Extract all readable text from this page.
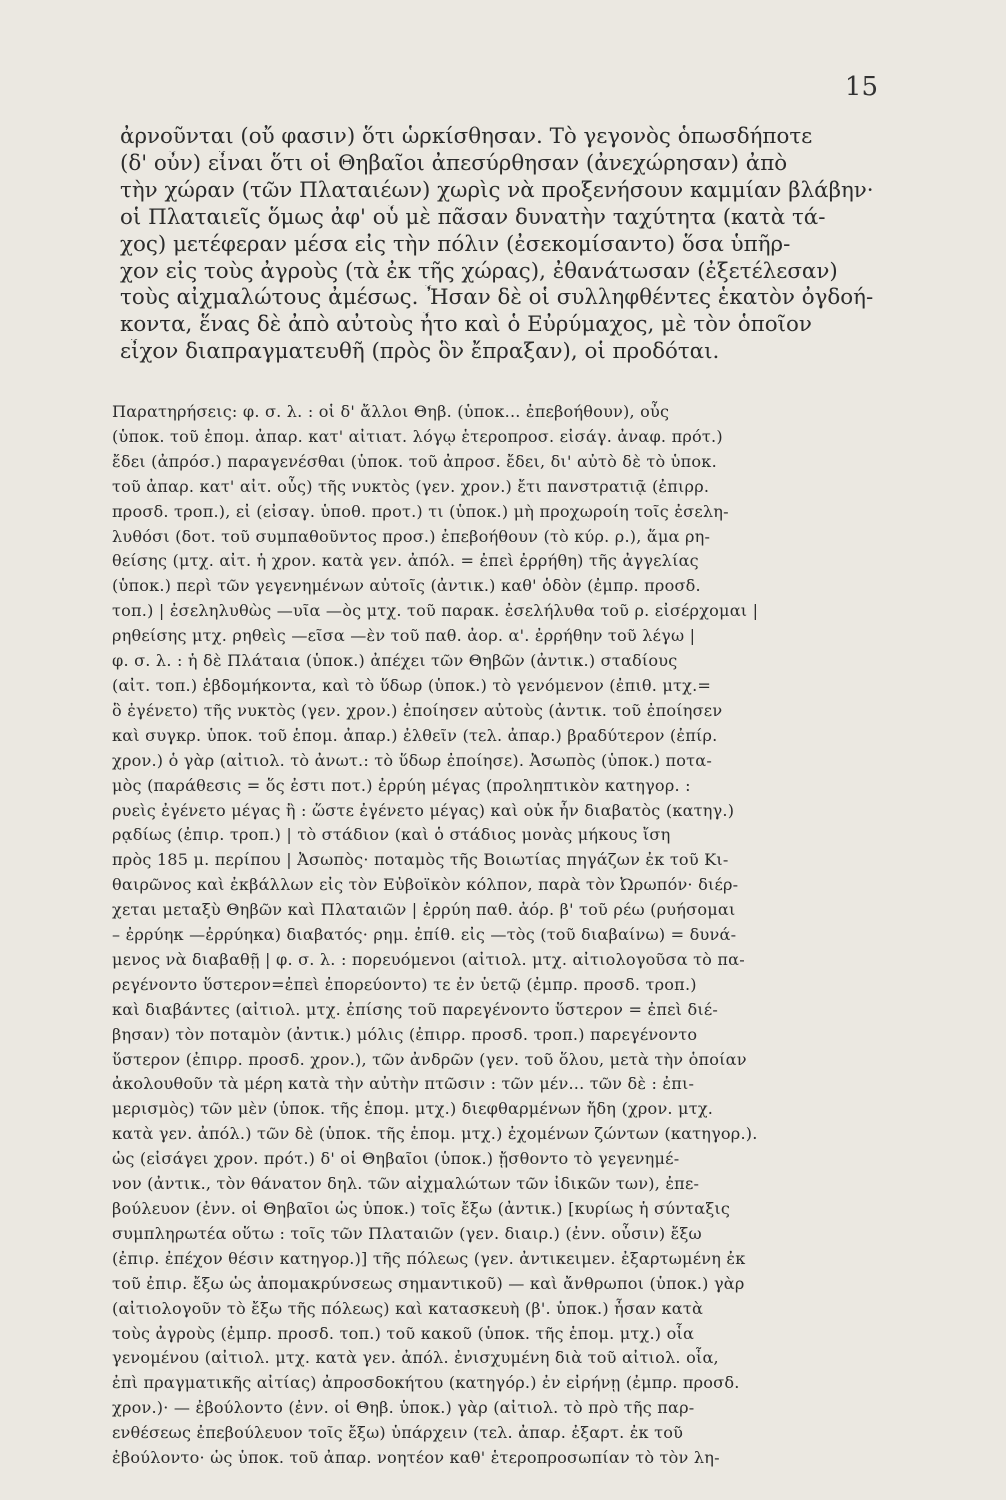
15

ἀρνοῦνται (οὔ φασιν) ὅτι ὡρκίσθησαν. Τὸ γεγονὸς ὁπωσδήποτε
(δ' οὖν) εἶναι ὅτι οἱ Θηβαῖοι ἀπεσύρθησαν (ἀνεχώρησαν) ἀπὸ
τὴν χώραν (τῶν Πλαταιέων) χωρὶς νὰ προξενήσουν καμμίαν βλάβην·
οἱ Πλαταιεῖς ὅμως ἀφ' οὗ μὲ πᾶσαν δυνατὴν ταχύτητα (κατὰ τά-
χος) μετέφεραν μέσα εἰς τὴν πόλιν (ἐσεκομίσαντο) ὅσα ὑπῆρ-
χον εἰς τοὺς ἀγροὺς (τὰ ἐκ τῆς χώρας), ἐθανάτωσαν (ἐξετέλεσαν)
τοὺς αἰχμαλώτους ἀμέσως. Ἦσαν δὲ οἱ συλληφθέντες ἑκατὸν ὀγδοή-
κοντα, ἕνας δὲ ἀπὸ αὐτοὺς ἦτο καὶ ὁ Εὐρύμαχος, μὲ τὸν ὁποῖον
εἶχον διαπραγματευθῆ (πρὸς ὃν ἔπραξαν), οἱ προδόται.

Παρατηρήσεις: φ. σ. λ. : οἱ δ' ἄλλοι Θηβ. (ὑποκ... ἐπεβοήθουν), οὖς
(ὑποκ. τοῦ ἑπομ. ἀπαρ. κατ' αἰτιατ. λόγῳ ἑτεροπροσ. εἰσάγ. ἀναφ. πρότ.)
ἔδει (ἀπρόσ.) παραγενέσθαι (ὑποκ. τοῦ ἀπροσ. ἔδει, δι' αὐτὸ δὲ τὸ ὑποκ.
τοῦ ἀπαρ. κατ' αἰτ. οὖς) τῆς νυκτὸς (γεν. χρον.) ἔτι πανστρατιᾷ (ἐπιρρ.
προσδ. τροπ.), εἰ (εἰσαγ. ὑποθ. προτ.) τι (ὑποκ.) μὴ προχωροίη τοῖς ἐσελη-
λυθόσι (δοτ. τοῦ συμπαθοῦντος προσ.) ἐπεβοήθουν (τὸ κύρ. ρ.), ἅμα ρη-
θείσης (μτχ. αἰτ. ἡ χρον. κατὰ γεν. ἀπόλ. = ἐπεὶ ἐρρήθη) τῆς ἀγγελίας
(ὑποκ.) περὶ τῶν γεγενημένων αὐτοῖς (ἀντικ.) καθ' ὁδὸν (ἐμπρ. προσδ.
τοπ.) | ἐσεληλυθὼς —υῖα —ὸς μτχ. τοῦ παρακ. ἐσελήλυθα τοῦ ρ. εἰσέρχομαι |
ρηθείσης μτχ. ρηθεὶς —εῖσα —ὲν τοῦ παθ. ἀορ. α'. ἐρρήθην τοῦ λέγω |
φ. σ. λ. : ἡ δὲ Πλάταια (ὑποκ.) ἀπέχει τῶν Θηβῶν (ἀντικ.) σταδίους
(αἰτ. τοπ.) ἑβδομήκοντα, καὶ τὸ ὕδωρ (ὑποκ.) τὸ γενόμενον (ἐπιθ. μτχ.=
ὃ ἐγένετο) τῆς νυκτὸς (γεν. χρον.) ἐποίησεν αὐτοὺς (ἀντικ. τοῦ ἐποίησεν
καὶ συγκρ. ὑποκ. τοῦ ἑπομ. ἀπαρ.) ἐλθεῖν (τελ. ἀπαρ.) βραδύτερον (ἐπίρ.
χρον.) ὁ γὰρ (αἰτιολ. τὸ ἀνωτ.: τὸ ὕδωρ ἐποίησε). Ἀσωπὸς (ὑποκ.) ποτα-
μὸς (παράθεσις = ὅς ἐστι ποτ.) ἐρρύη μέγας (προληπτικὸν κατηγορ. :
ρυεὶς ἐγένετο μέγας ἢ : ὥστε ἐγένετο μέγας) καὶ οὐκ ἦν διαβατὸς (κατηγ.)
ρᾳδίως (ἐπιρ. τροπ.) | τὸ στάδιον (καὶ ὁ στάδιος μονὰς μήκους ἴση
πρὸς 185 μ. περίπου | Ἀσωπὸς· ποταμὸς τῆς Βοιωτίας πηγάζων ἐκ τοῦ Κι-
θαιρῶνος καὶ ἐκβάλλων εἰς τὸν Εὐβοϊκὸν κόλπον, παρὰ τὸν Ὠρωπόν· διέρ-
χεται μεταξὺ Θηβῶν καὶ Πλαταιῶν | ἐρρύη παθ. ἀόρ. β' τοῦ ρέω (ρυήσομαι
– ἐρρύηκ —ἐρρύηκα) διαβατός· ρημ. ἐπίθ. εἰς —τὸς (τοῦ διαβαίνω) = δυνά-
μενος νὰ διαβαθῇ | φ. σ. λ. : πορευόμενοι (αἰτιολ. μτχ. αἰτιολογοῦσα τὸ πα-
ρεγένοντο ὕστερον=ἐπεὶ ἐπορεύοντο) τε ἐν ὑετῷ (ἐμπρ. προσδ. τροπ.)
καὶ διαβάντες (αἰτιολ. μτχ. ἐπίσης τοῦ παρεγένοντο ὕστερον = ἐπεὶ διέ-
βησαν) τὸν ποταμὸν (ἀντικ.) μόλις (ἐπιρρ. προσδ. τροπ.) παρεγένοντο
ὕστερον (ἐπιρρ. προσδ. χρον.), τῶν ἀνδρῶν (γεν. τοῦ ὅλου, μετὰ τὴν ὁποίαν
ἀκολουθοῦν τὰ μέρη κατὰ τὴν αὐτὴν πτῶσιν : τῶν μέν... τῶν δὲ : ἐπι-
μερισμὸς) τῶν μὲν (ὑποκ. τῆς ἑπομ. μτχ.) διεφθαρμένων ἤδη (χρον. μτχ.
κατὰ γεν. ἀπόλ.) τῶν δὲ (ὑποκ. τῆς ἑπομ. μτχ.) ἐχομένων ζώντων (κατηγορ.).
ὡς (εἰσάγει χρον. πρότ.) δ' οἱ Θηβαῖοι (ὑποκ.) ᾔσθοντο τὸ γεγενημέ-
νον (ἀντικ., τὸν θάνατον δηλ. τῶν αἰχμαλώτων τῶν ἰδικῶν των), ἐπε-
βούλευον (ἐνν. οἱ Θηβαῖοι ὡς ὑποκ.) τοῖς ἔξω (ἀντικ.) [κυρίως ἡ σύνταξις
συμπληρωτέα οὕτω : τοῖς τῶν Πλαταιῶν (γεν. διαιρ.) (ἐνν. οὖσιν) ἔξω
(ἐπιρ. ἐπέχον θέσιν κατηγορ.)] τῆς πόλεως (γεν. ἀντικειμεν. ἐξαρτωμένη ἐκ
τοῦ ἐπιρ. ἔξω ὡς ἀπομακρύνσεως σημαντικοῦ) — καὶ ἄνθρωποι (ὑποκ.) γὰρ
(αἰτιολογοῦν τὸ ἔξω τῆς πόλεως) καὶ κατασκευὴ (β'. ὑποκ.) ἦσαν κατὰ
τοὺς ἀγροὺς (ἐμπρ. προσδ. τοπ.) τοῦ κακοῦ (ὑποκ. τῆς ἑπομ. μτχ.) οἷα
γενομένου (αἰτιολ. μτχ. κατὰ γεν. ἀπόλ. ἐνισχυμένη διὰ τοῦ αἰτιολ. οἷα,
ἐπὶ πραγματικῆς αἰτίας) ἀπροσδοκήτου (κατηγόρ.) ἐν εἰρήνῃ (ἐμπρ. προσδ.
χρον.)· — ἐβούλοντο (ἐνν. οἱ Θηβ. ὑποκ.) γὰρ (αἰτιολ. τὸ πρὸ τῆς παρ-
ενθέσεως ἐπεβούλευον τοῖς ἔξω) ὑπάρχειν (τελ. ἀπαρ. ἐξαρτ. ἐκ τοῦ
ἐβούλοντο· ὡς ὑποκ. τοῦ ἀπαρ. νοητέον καθ' ἑτεροπροσωπίαν τὸ τὸν λη-
